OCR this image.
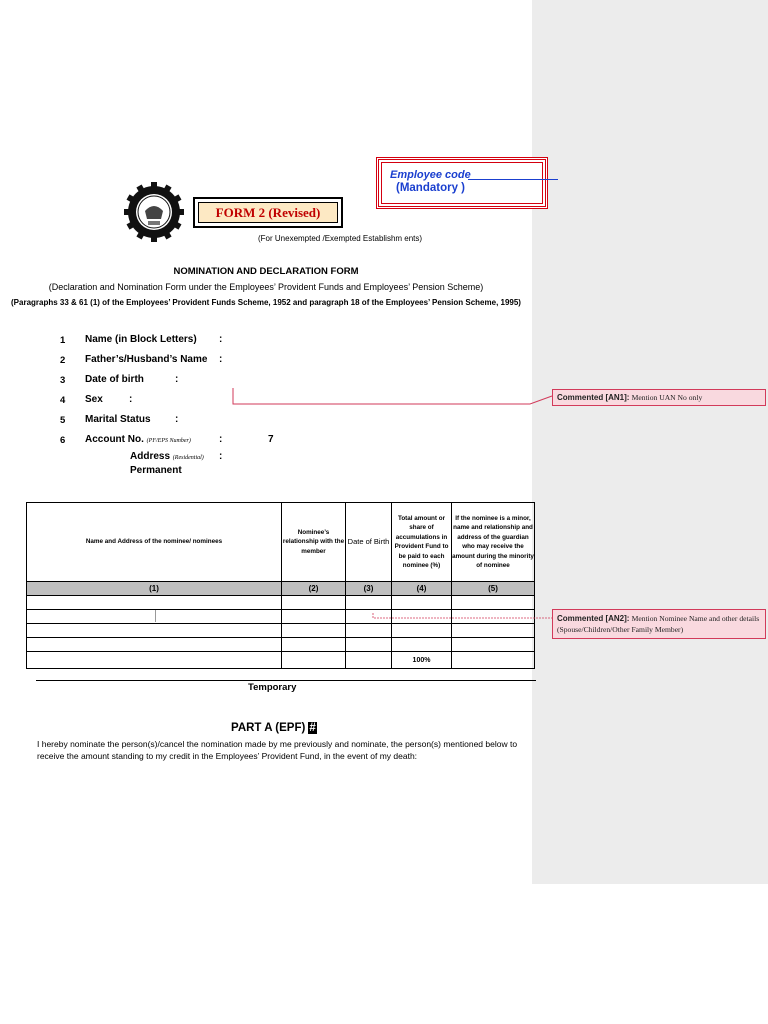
Employee code
(Mandatory )
FORM 2 (Revised)
(For Unexempted /Exempted Establishm ents)
NOMINATION AND DECLARATION FORM
(Declaration and Nomination Form under the Employees’ Provident Funds and Employees’ Pension Scheme)
(Paragraphs 33 & 61 (1) of the Employees’ Provident Funds Scheme, 1952 and paragraph 18 of the Employees’ Pension Scheme, 1995)
1 Name (in Block Letters) :
2 Father’s/Husband’s Name :
3 Date of birth	:
4 Sex	:
5 Marital Status :
6 Account No. (PF/EPS Number)	:	7
Address (Residential) :
Permanent
Name and Address of the nominee/ nominees	Nominee’s relationship with the member	Date of Birth	Total amount or share of accumulations in Provident Fund to be paid to each nominee (%)	If the nominee is a minor, name and relationship and address of the guardian who may receive the amount during the minority of nominee
(1)	(2)	(3)	(4)	(5)

			100%	
Temporary
PART A (EPF) #
I hereby nominate the person(s)/cancel the nomination made by me previously and nominate, the person(s) mentioned below to receive the amount standing to my credit in the Employees’ Provident Fund, in the event of my death:
Commented [AN1]: Mention UAN No only
Commented [AN2]: Mention Nominee Name and other details (Spouse/Children/Other Family Member)
